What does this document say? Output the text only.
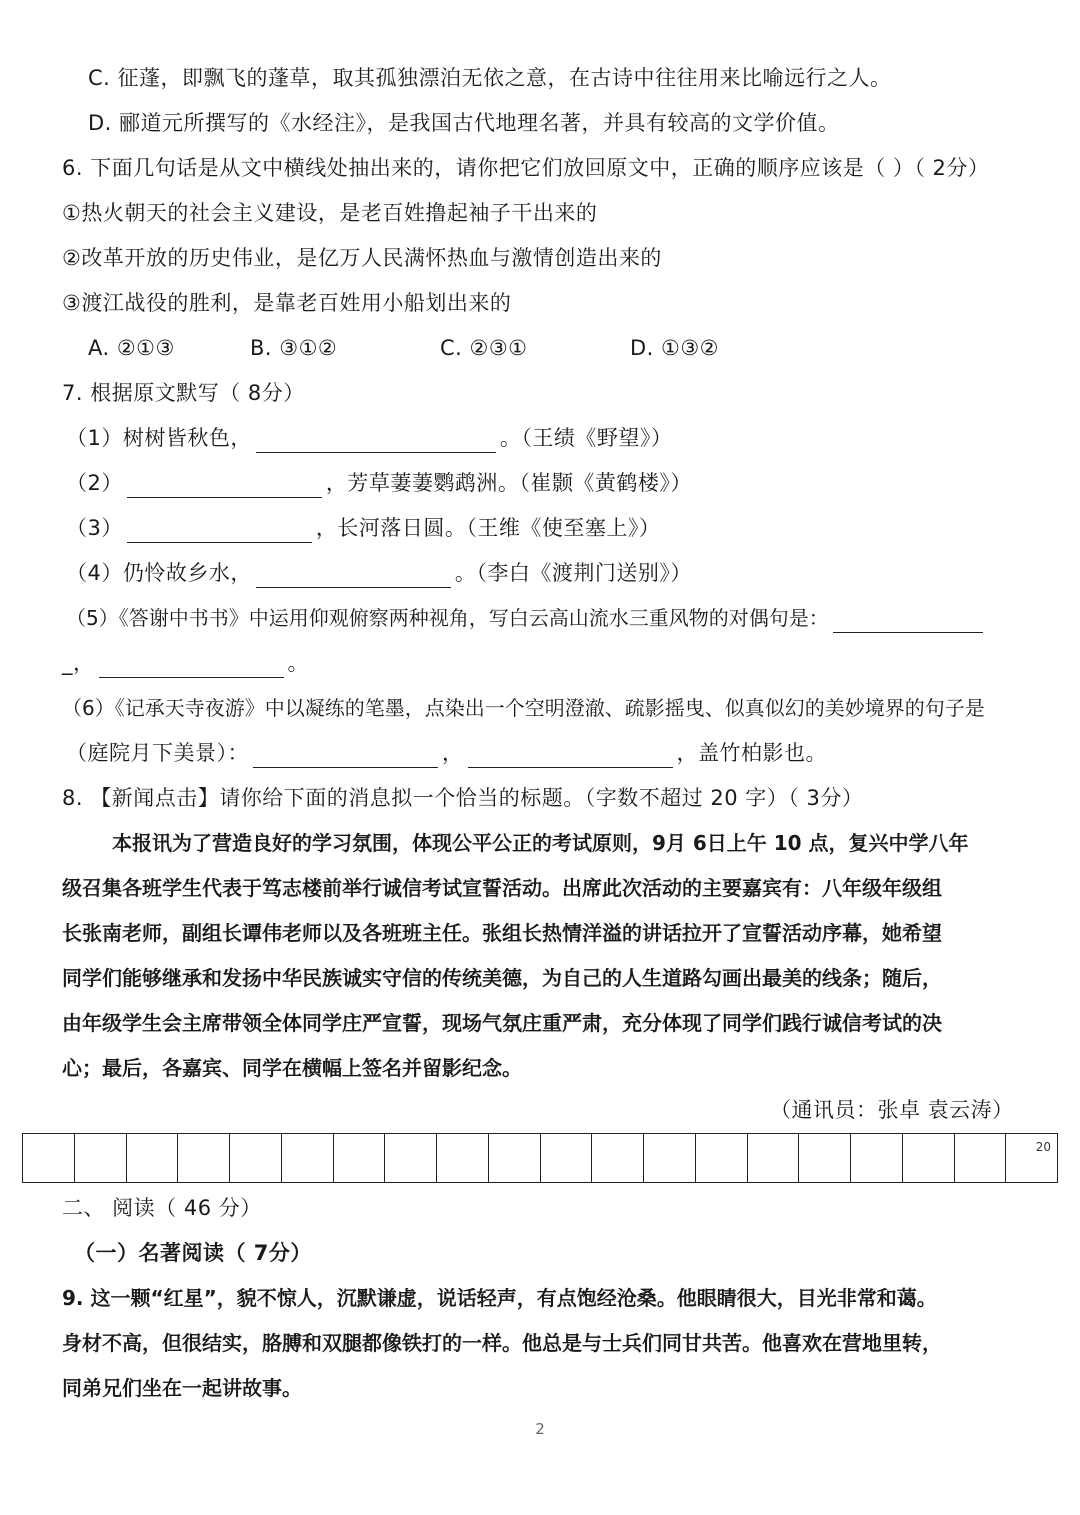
C. 征蓬，即飘飞的蓬草，取其孤独漂泊无依之意，在古诗中往往用来比喻远行之人。
D. 郦道元所撰写的《水经注》，是我国古代地理名著，并具有较高的文学价值。
6. 下面几句话是从文中横线处抽出来的，请你把它们放回原文中，正确的顺序应该是（ ）（ 2分）
①热火朝天的社会主义建设，是老百姓撸起袖子干出来的
②改革开放的历史伟业，是亿万人民满怀热血与激情创造出来的
③渡江战役的胜利，是靠老百姓用小船划出来的
A. ②①③	B. ③①②	C. ②③①	D. ①③②
7. 根据原文默写（ 8分）
（1）树树皆秋色，	。（王绩《野望》）
（2）	，芳草萋萋鹦鹉洲。（崔颢《黄鹤楼》）
（3）	，长河落日圆。（王维《使至塞上》）
（4）仍怜故乡水，	。（李白《渡荆门送别》）
（5）《答谢中书书》中运用仰观俯察两种视角，写白云高山流水三重风物的对偶句是：
_，	。
（6）《记承天寺夜游》中以凝练的笔墨，点染出一个空明澄澈、疏影摇曳、似真似幻的美妙境界的句子是
（庭院月下美景）：	，	，盖竹柏影也。
8. 【新闻点击】请你给下面的消息拟一个恰当的标题。（字数不超过 20 字）（ 3分）
本报讯为了营造良好的学习氛围，体现公平公正的考试原则，9月 6日上午 10 点，复兴中学八年
级召集各班学生代表于笃志楼前举行诚信考试宣誓活动。出席此次活动的主要嘉宾有：八年级年级组
长张南老师，副组长谭伟老师以及各班班主任。张组长热情洋溢的讲话拉开了宣誓活动序幕，她希望
同学们能够继承和发扬中华民族诚实守信的传统美德，为自己的人生道路勾画出最美的线条；随后，
由年级学生会主席带领全体同学庄严宣誓，现场气氛庄重严肃，充分体现了同学们践行诚信考试的决
心；最后，各嘉宾、同学在横幅上签名并留影纪念。
（通讯员：张卓 袁云涛）
20
二、 阅读（ 46 分）
（一）名著阅读（ 7分）
9. 这一颗“红星”，貌不惊人，沉默谦虚，说话轻声，有点饱经沧桑。他眼睛很大，目光非常和蔼。
身材不高，但很结实，胳膊和双腿都像铁打的一样。他总是与士兵们同甘共苦。他喜欢在营地里转，
同弟兄们坐在一起讲故事。
2
